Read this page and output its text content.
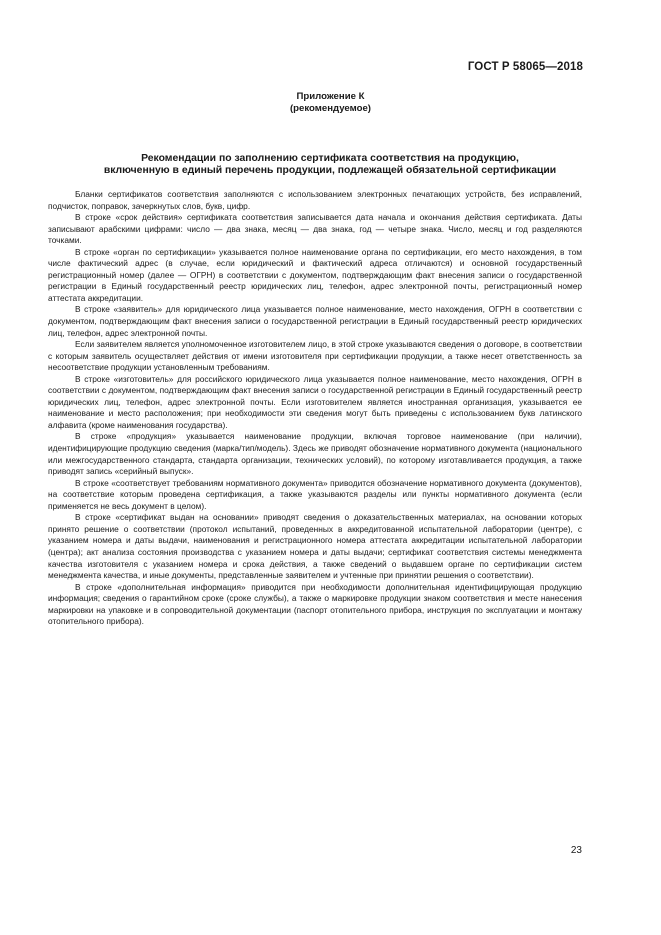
ГОСТ Р 58065—2018
Приложение К
(рекомендуемое)
Рекомендации по заполнению сертификата соответствия на продукцию,
включенную в единый перечень продукции, подлежащей обязательной сертификации

Бланки сертификатов соответствия заполняются с использованием электронных печатающих устройств, без исправлений, подчисток, поправок, зачеркнутых слов, букв, цифр.

В строке «срок действия» сертификата соответствия записывается дата начала и окончания действия сертификата. Даты записывают арабскими цифрами: число — два знака, месяц — два знака, год — четыре знака. Число, месяц и год разделяются точками.

В строке «орган по сертификации» указывается полное наименование органа по сертификации, его место нахождения, в том числе фактический адрес (в случае, если юридический и фактический адреса отличаются) и основной государственный регистрационный номер (далее — ОГРН) в соответствии с документом, подтверждающим факт внесения записи о государственной регистрации в Единый государственный реестр юридических лиц, телефон, адрес электронной почты, регистрационный номер аттестата аккредитации.

В строке «заявитель» для юридического лица указывается полное наименование, место нахождения, ОГРН в соответствии с документом, подтверждающим факт внесения записи о государственной регистрации в Единый государственный реестр юридических лиц, телефон, адрес электронной почты.

Если заявителем является уполномоченное изготовителем лицо, в этой строке указываются сведения о договоре, в соответствии с которым заявитель осуществляет действия от имени изготовителя при сертификации продукции, а также несет ответственность за несоответствие продукции установленным требованиям.

В строке «изготовитель» для российского юридического лица указывается полное наименование, место нахождения, ОГРН в соответствии с документом, подтверждающим факт внесения записи о государственной регистрации в Единый государственный реестр юридических лиц, телефон, адрес электронной почты. Если изготовителем является иностранная организация, указывается ее наименование и место расположения; при необходимости эти сведения могут быть приведены с использованием букв латинского алфавита (кроме наименования государства).

В строке «продукция» указывается наименование продукции, включая торговое наименование (при наличии), идентифицирующие продукцию сведения (марка/тип/модель). Здесь же приводят обозначение нормативного документа (национального или межгосударственного стандарта, стандарта организации, технических условий), по которому изготавливается продукция, а также приводят запись «серийный выпуск».

В строке «соответствует требованиям нормативного документа» приводится обозначение нормативного документа (документов), на соответствие которым проведена сертификация, а также указываются разделы или пункты нормативного документа (если применяется не весь документ в целом).

В строке «сертификат выдан на основании» приводят сведения о доказательственных материалах, на основании которых принято решение о соответствии (протокол испытаний, проведенных в аккредитованной испытательной лаборатории (центре), с указанием номера и даты выдачи, наименования и регистрационного номера аттестата аккредитации испытательной лаборатории (центра); акт анализа состояния производства с указанием номера и даты выдачи; сертификат соответствия системы менеджмента качества изготовителя с указанием номера и срока действия, а также сведений о выдавшем органе по сертификации систем менеджмента качества, и иные документы, представленные заявителем и учтенные при принятии решения о соответствии).

В строке «дополнительная информация» приводится при необходимости дополнительная идентифицирующая продукцию информация; сведения о гарантийном сроке (сроке службы), а также о маркировке продукции знаком соответствия и месте нанесения маркировки на упаковке и в сопроводительной документации (паспорт отопительного прибора, инструкция по эксплуатации и монтажу отопительного прибора).

23
